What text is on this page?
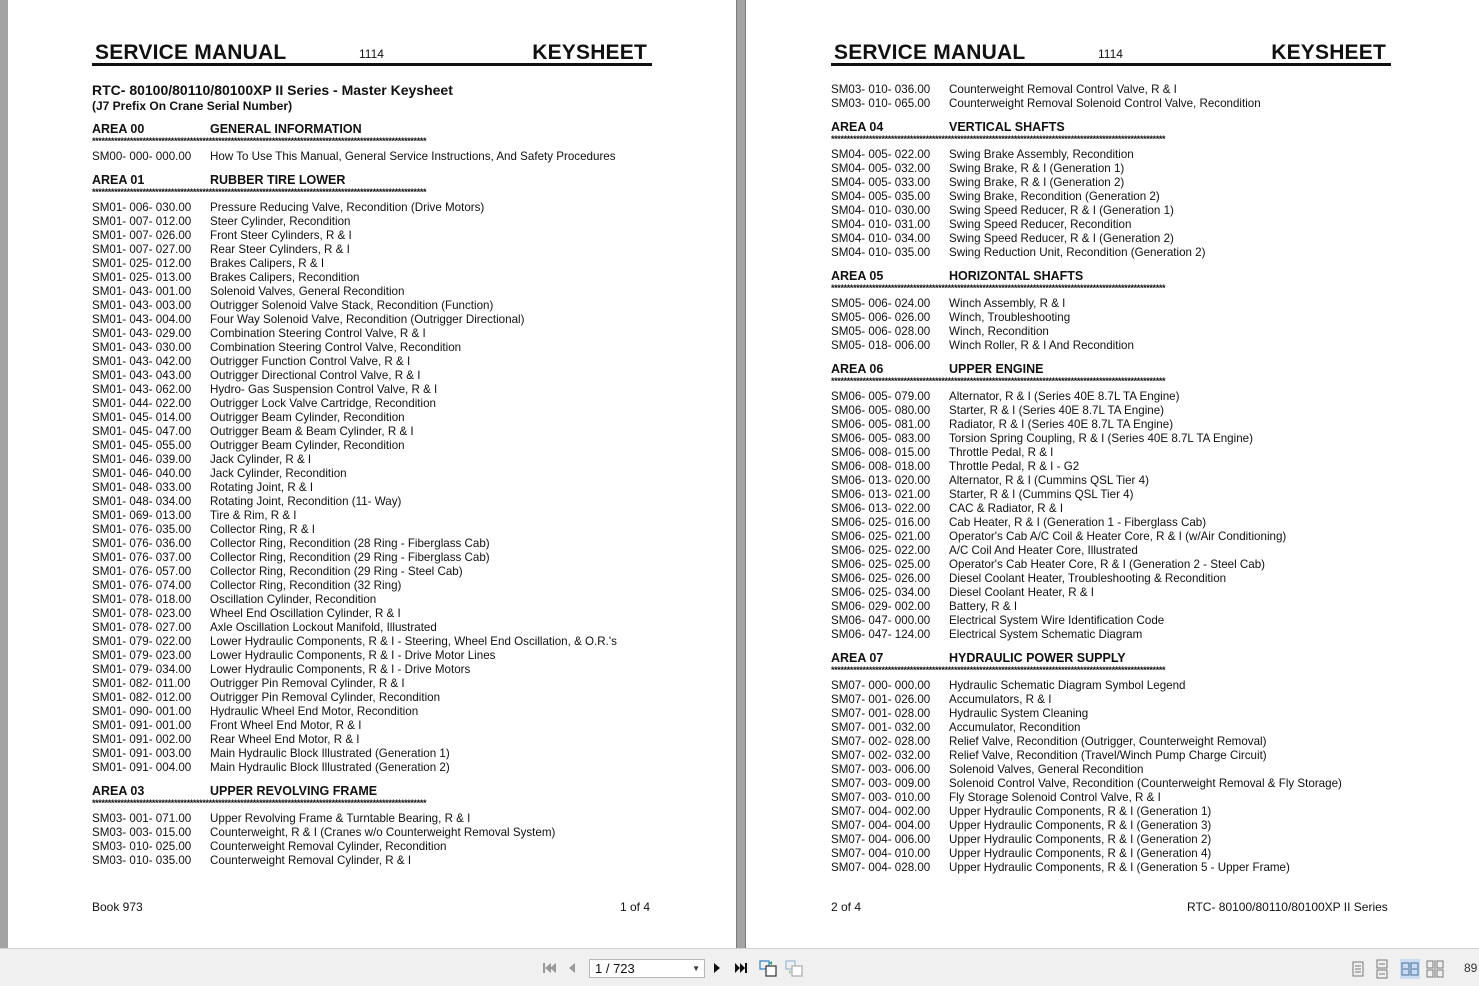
SERVICE MANUAL	1114	KEYSHEET
RTC- 80100/80110/80100XP II Series - Master Keysheet
(J7 Prefix On Crane Serial Number)
AREA 00	GENERAL INFORMATION
**********************************************************************************************************
SM00- 000- 000.00	How To Use This Manual, General Service Instructions, And Safety Procedures
AREA 01	RUBBER TIRE LOWER
**********************************************************************************************************
SM01- 006- 030.00	Pressure Reducing Valve, Recondition (Drive Motors)
SM01- 007- 012.00	Steer Cylinder, Recondition
SM01- 007- 026.00	Front Steer Cylinders, R & I
SM01- 007- 027.00	Rear Steer Cylinders, R & I
SM01- 025- 012.00	Brakes Calipers, R & I
SM01- 025- 013.00	Brakes Calipers, Recondition
SM01- 043- 001.00	Solenoid Valves, General Recondition
SM01- 043- 003.00	Outrigger Solenoid Valve Stack, Recondition (Function)
SM01- 043- 004.00	Four Way Solenoid Valve, Recondition (Outrigger Directional)
SM01- 043- 029.00	Combination Steering Control Valve, R & I
SM01- 043- 030.00	Combination Steering Control Valve, Recondition
SM01- 043- 042.00	Outrigger Function Control Valve, R & I
SM01- 043- 043.00	Outrigger Directional Control Valve, R & I
SM01- 043- 062.00	Hydro- Gas Suspension Control Valve, R & I
SM01- 044- 022.00	Outrigger Lock Valve Cartridge, Recondition
SM01- 045- 014.00	Outrigger Beam Cylinder, Recondition
SM01- 045- 047.00	Outrigger Beam & Beam Cylinder, R & I
SM01- 045- 055.00	Outrigger Beam Cylinder, Recondition
SM01- 046- 039.00	Jack Cylinder, R & I
SM01- 046- 040.00	Jack Cylinder, Recondition
SM01- 048- 033.00	Rotating Joint, R & I
SM01- 048- 034.00	Rotating Joint, Recondition (11- Way)
SM01- 069- 013.00	Tire & Rim, R & I
SM01- 076- 035.00	Collector Ring, R & I
SM01- 076- 036.00	Collector Ring, Recondition (28 Ring - Fiberglass Cab)
SM01- 076- 037.00	Collector Ring, Recondition (29 Ring - Fiberglass Cab)
SM01- 076- 057.00	Collector Ring, Recondition (29 Ring - Steel Cab)
SM01- 076- 074.00	Collector Ring, Recondition (32 Ring)
SM01- 078- 018.00	Oscillation Cylinder, Recondition
SM01- 078- 023.00	Wheel End Oscillation Cylinder, R & I
SM01- 078- 027.00	Axle Oscillation Lockout Manifold, Illustrated
SM01- 079- 022.00	Lower Hydraulic Components, R & I - Steering, Wheel End Oscillation, & O.R.'s
SM01- 079- 023.00	Lower Hydraulic Components, R & I - Drive Motor Lines
SM01- 079- 034.00	Lower Hydraulic Components, R & I - Drive Motors
SM01- 082- 011.00	Outrigger Pin Removal Cylinder, R & I
SM01- 082- 012.00	Outrigger Pin Removal Cylinder, Recondition
SM01- 090- 001.00	Hydraulic Wheel End Motor, Recondition
SM01- 091- 001.00	Front Wheel End Motor, R & I
SM01- 091- 002.00	Rear Wheel End Motor, R & I
SM01- 091- 003.00	Main Hydraulic Block Illustrated (Generation 1)
SM01- 091- 004.00	Main Hydraulic Block Illustrated (Generation 2)
AREA 03	UPPER REVOLVING FRAME
**********************************************************************************************************
SM03- 001- 071.00	Upper Revolving Frame & Turntable Bearing, R & I
SM03- 003- 015.00	Counterweight, R & I (Cranes w/o Counterweight Removal System)
SM03- 010- 025.00	Counterweight Removal Cylinder, Recondition
SM03- 010- 035.00	Counterweight Removal Cylinder, R & I
Book 973	1 of 4
SERVICE MANUAL	1114	KEYSHEET
SM03- 010- 036.00	Counterweight Removal Control Valve, R & I
SM03- 010- 065.00	Counterweight Removal Solenoid Control Valve, Recondition
AREA 04	VERTICAL SHAFTS
**********************************************************************************************************
SM04- 005- 022.00	Swing Brake Assembly, Recondition
SM04- 005- 032.00	Swing Brake, R & I (Generation 1)
SM04- 005- 033.00	Swing Brake, R & I (Generation 2)
SM04- 005- 035.00	Swing Brake, Recondition (Generation 2)
SM04- 010- 030.00	Swing Speed Reducer, R & I (Generation 1)
SM04- 010- 031.00	Swing Speed Reducer, Recondition
SM04- 010- 034.00	Swing Speed Reducer, R & I (Generation 2)
SM04- 010- 035.00	Swing Reduction Unit, Recondition (Generation 2)
AREA 05	HORIZONTAL SHAFTS
**********************************************************************************************************
SM05- 006- 024.00	Winch Assembly, R & I
SM05- 006- 026.00	Winch, Troubleshooting
SM05- 006- 028.00	Winch, Recondition
SM05- 018- 006.00	Winch Roller, R & I And Recondition
AREA 06	UPPER ENGINE
**********************************************************************************************************
SM06- 005- 079.00	Alternator, R & I (Series 40E 8.7L TA Engine)
SM06- 005- 080.00	Starter, R & I (Series 40E 8.7L TA Engine)
SM06- 005- 081.00	Radiator, R & I (Series 40E 8.7L TA Engine)
SM06- 005- 083.00	Torsion Spring Coupling, R & I (Series 40E 8.7L TA Engine)
SM06- 008- 015.00	Throttle Pedal, R & I
SM06- 008- 018.00	Throttle Pedal, R & I - G2
SM06- 013- 020.00	Alternator, R & I (Cummins QSL Tier 4)
SM06- 013- 021.00	Starter, R & I (Cummins QSL Tier 4)
SM06- 013- 022.00	CAC & Radiator, R & I
SM06- 025- 016.00	Cab Heater, R & I (Generation 1 - Fiberglass Cab)
SM06- 025- 021.00	Operator's Cab A/C Coil & Heater Core, R & I (w/Air Conditioning)
SM06- 025- 022.00	A/C Coil And Heater Core, Illustrated
SM06- 025- 025.00	Operator's Cab Heater Core, R & I (Generation 2 - Steel Cab)
SM06- 025- 026.00	Diesel Coolant Heater, Troubleshooting & Recondition
SM06- 025- 034.00	Diesel Coolant Heater, R & I
SM06- 029- 002.00	Battery, R & I
SM06- 047- 000.00	Electrical System Wire Identification Code
SM06- 047- 124.00	Electrical System Schematic Diagram
AREA 07	HYDRAULIC POWER SUPPLY
**********************************************************************************************************
SM07- 000- 000.00	Hydraulic Schematic Diagram Symbol Legend
SM07- 001- 026.00	Accumulators, R & I
SM07- 001- 028.00	Hydraulic System Cleaning
SM07- 001- 032.00	Accumulator, Recondition
SM07- 002- 028.00	Relief Valve, Recondition (Outrigger, Counterweight Removal)
SM07- 002- 032.00	Relief Valve, Recondition (Travel/Winch Pump Charge Circuit)
SM07- 003- 006.00	Solenoid Valves, General Recondition
SM07- 003- 009.00	Solenoid Control Valve, Recondition (Counterweight Removal & Fly Storage)
SM07- 003- 010.00	Fly Storage Solenoid Control Valve, R & I
SM07- 004- 002.00	Upper Hydraulic Components, R & I (Generation 1)
SM07- 004- 004.00	Upper Hydraulic Components, R & I (Generation 3)
SM07- 004- 006.00	Upper Hydraulic Components, R & I (Generation 2)
SM07- 004- 010.00	Upper Hydraulic Components, R & I (Generation 4)
SM07- 004- 028.00	Upper Hydraulic Components, R & I (Generation 5 - Upper Frame)
2 of 4	RTC- 80100/80110/80100XP II Series
1 / 723	▼	89
